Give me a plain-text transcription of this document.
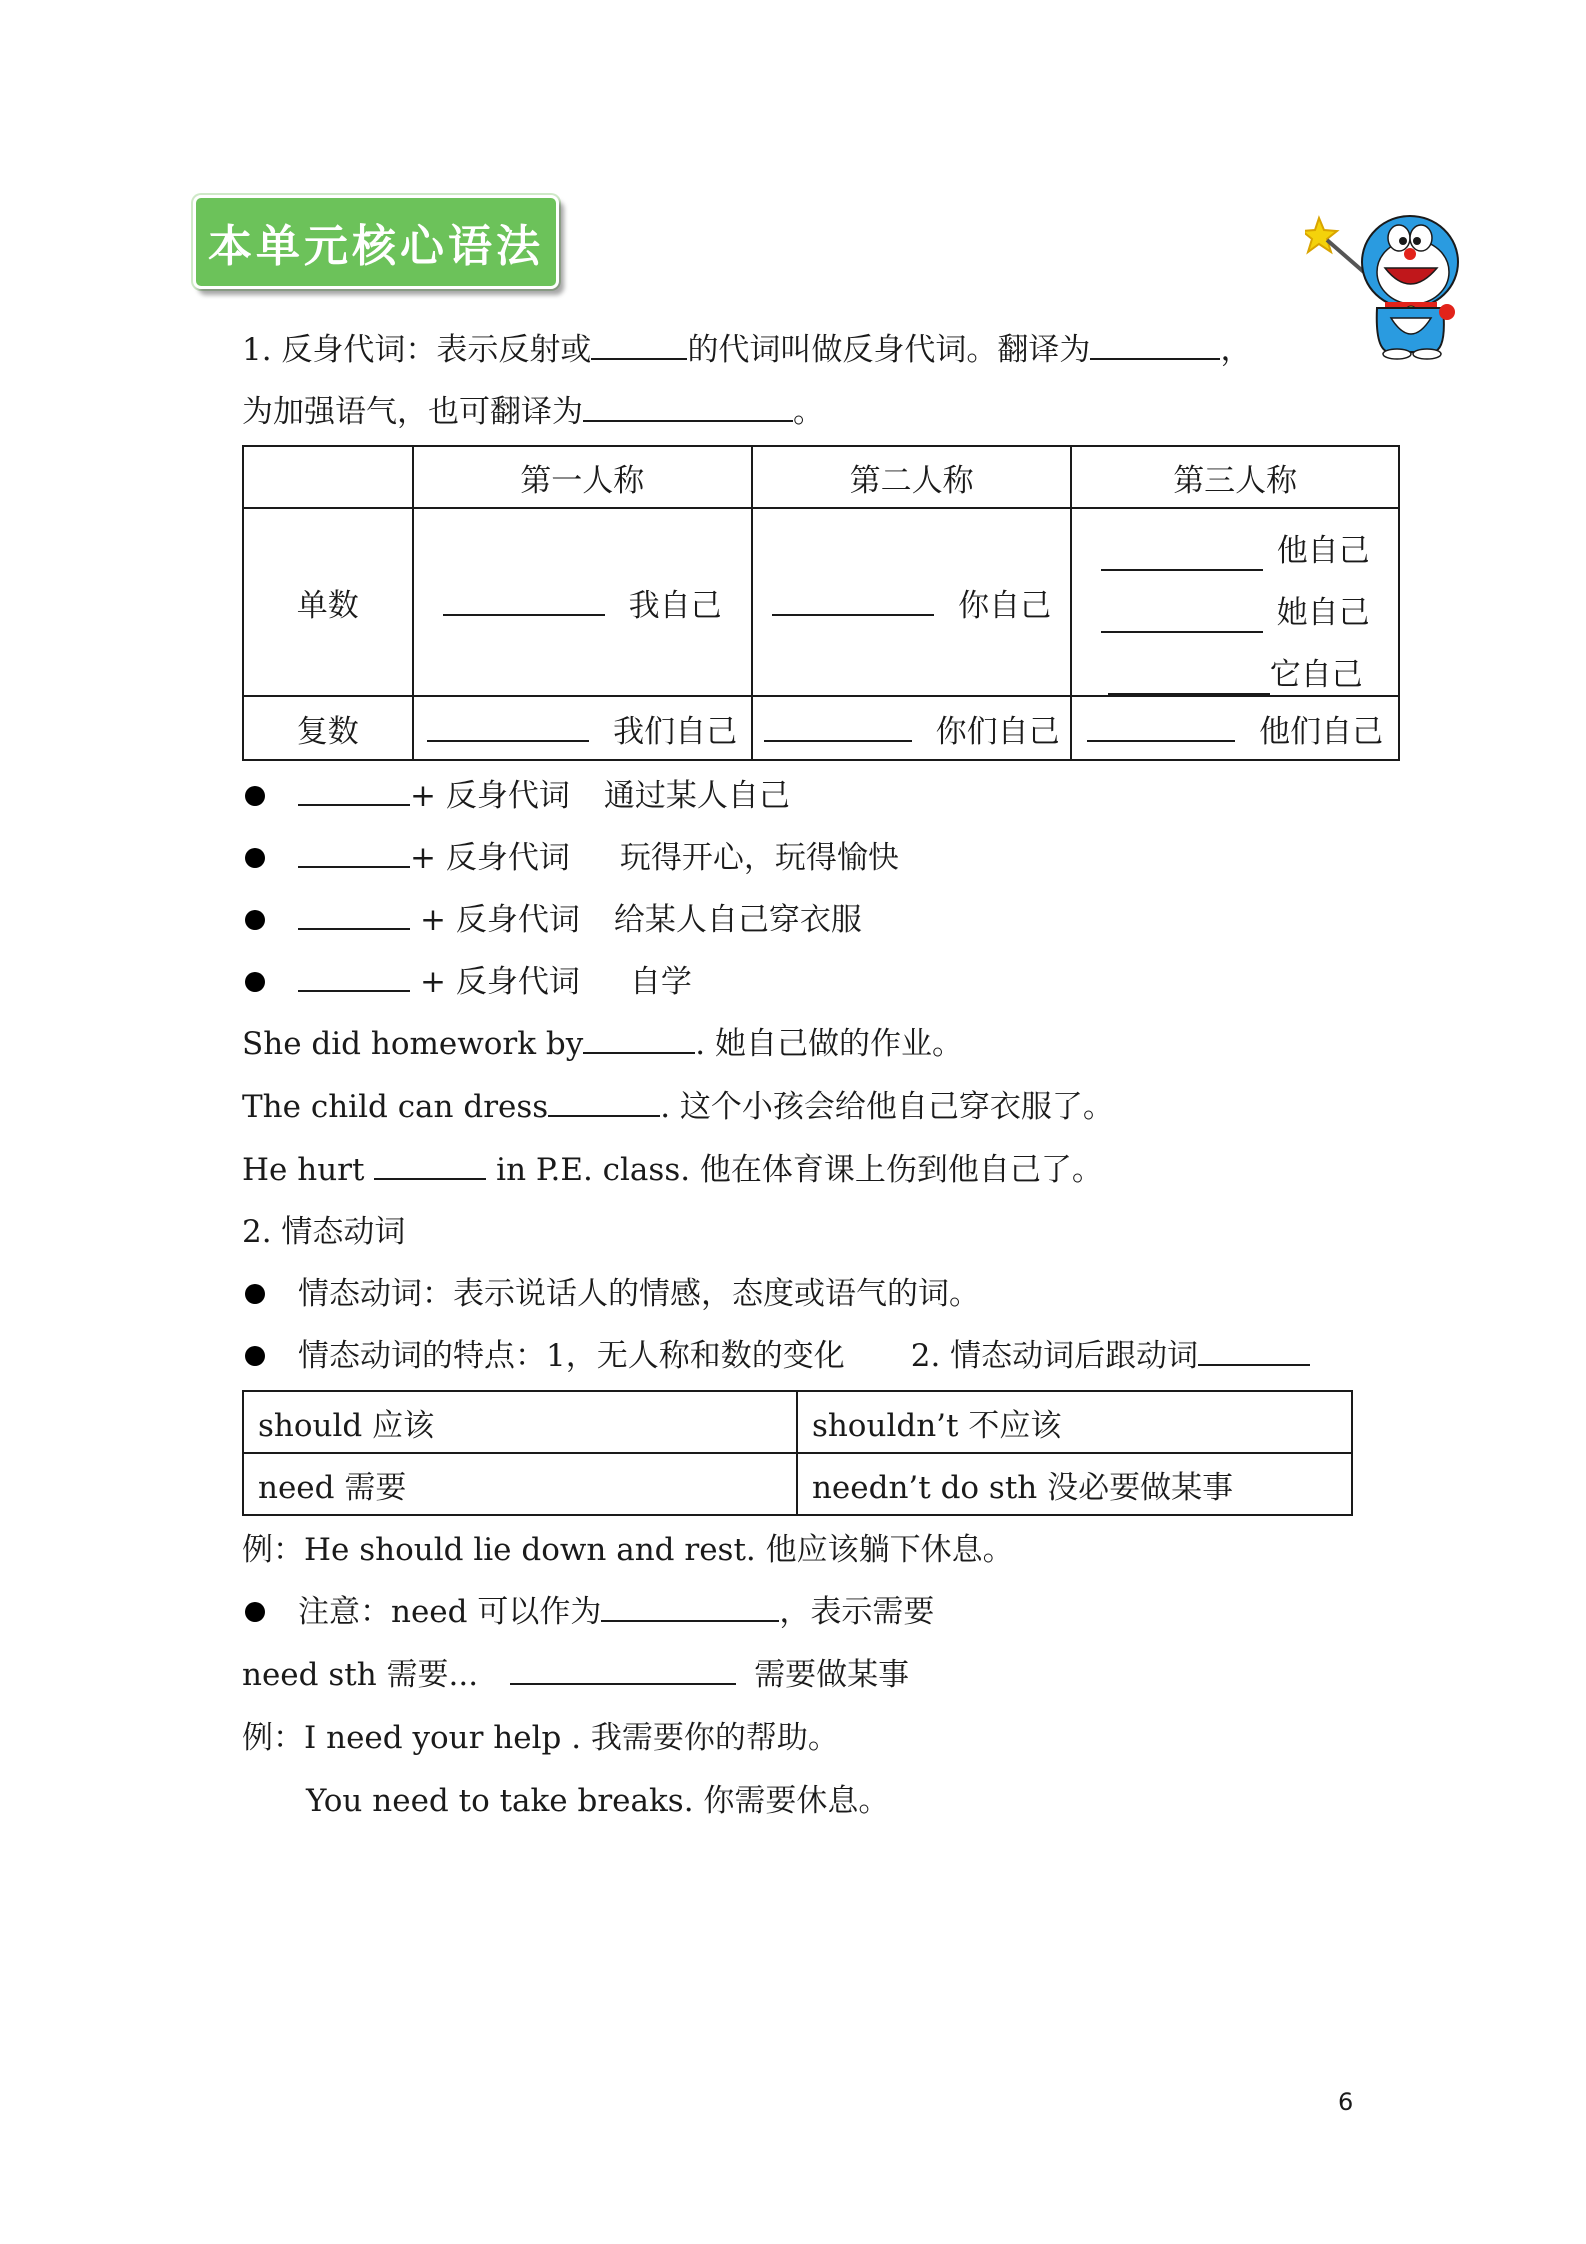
本单元核心语法
1. 反身代词：表示反射或	的代词叫做反身代词。翻译为	，
为加强语气，也可翻译为	。
	第一人称	第二人称	第三人称
单数	我自己	你自己	他自己
她自己
它自己

复数	我们自己	你们自己	他们自己
+ 反身代词 通过某人自己
+ 反身代词 玩得开心，玩得愉快
+ 反身代词 给某人自己穿衣服
+ 反身代词 自学
She did homework by	. 她自己做的作业。
The child can dress	. 这个小孩会给他自己穿衣服了。
He hurt	in P.E. class. 他在体育课上伤到他自己了。
2. 情态动词
情态动词：表示说话人的情感，态度或语气的词。
情态动词的特点：1，无人称和数的变化 2. 情态动词后跟动词
should 应该	shouldn’t 不应该
need 需要	needn’t do sth 没必要做某事
例：He should lie down and rest. 他应该躺下休息。
注意：need 可以作为	，表示需要
need sth 需要...	需要做某事
例：I need your help . 我需要你的帮助。
You need to take breaks. 你需要休息。
6
